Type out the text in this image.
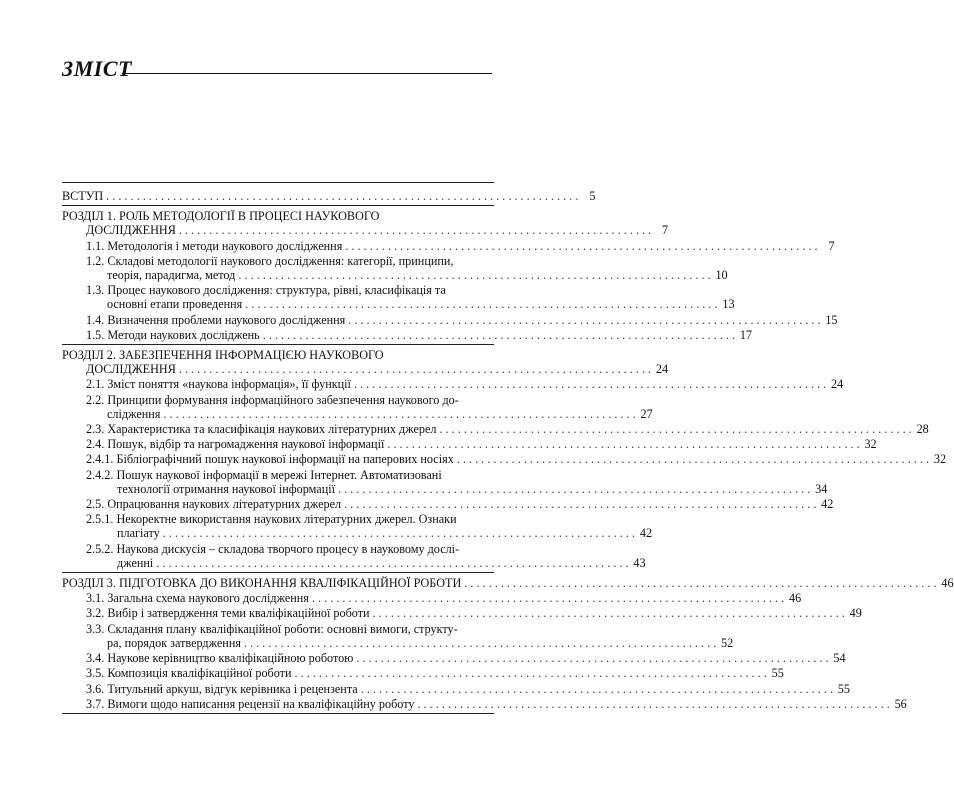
ЗМІСТ
ВСТУП . . .	5
РОЗДІЛ 1. РОЛЬ МЕТОДОЛОГІЇ В ПРОЦЕСІ НАУКОВОГО
ДОСЛІДЖЕННЯ . . .	7
1.1. Методологія і методи наукового дослідження . . .	7
1.2. Складові методології наукового дослідження: категорії, принципи,
теорія, парадигма, метод . . .	10
1.3. Процес наукового дослідження: структура, рівні, класифікація та
основні етапи проведення . . .	13
1.4. Визначення проблеми наукового дослідження . . .	15
1.5. Методи наукових досліджень . . .	17
РОЗДІЛ 2. ЗАБЕЗПЕЧЕННЯ ІНФОРМАЦІЄЮ НАУКОВОГО
ДОСЛІДЖЕННЯ . . .	24
2.1. Зміст поняття «наукова інформація», її функції . . .	24
2.2. Принципи формування інформаційного забезпечення наукового до-
слідження . . .	27
2.3. Характеристика та класифікація наукових літературних джерел . . .	28
2.4. Пошук, відбір та нагромадження наукової інформації . . .	32
2.4.1. Бібліографічний пошук наукової інформації на паперових носіях . . .	32
2.4.2. Пошук наукової інформації в мережі Інтернет. Автоматизовані
технології отримання наукової інформації . . .	34
2.5. Опрацювання наукових літературних джерел . . .	42
2.5.1. Некоректне використання наукових літературних джерел. Ознаки
плагіату . . .	42
2.5.2. Наукова дискусія – складова творчого процесу в науковому дослі-
дженні . . .	43
РОЗДІЛ 3. ПІДГОТОВКА ДО ВИКОНАННЯ КВАЛІФІКАЦІЙНОЇ РОБОТИ . . .	46
3.1. Загальна схема наукового дослідження . . .	46
3.2. Вибір і затвердження теми кваліфікаційної роботи . . .	49
3.3. Складання плану кваліфікаційної роботи: основні вимоги, структу-
ра, порядок затвердження . . .	52
3.4. Наукове керівництво кваліфікаційною роботою . . .	54
3.5. Композиція кваліфікаційної роботи . . .	55
3.6. Титульний аркуш, відгук керівника і рецензента . . .	55
3.7. Вимоги щодо написання рецензії на кваліфікаційну роботу . . .	56
